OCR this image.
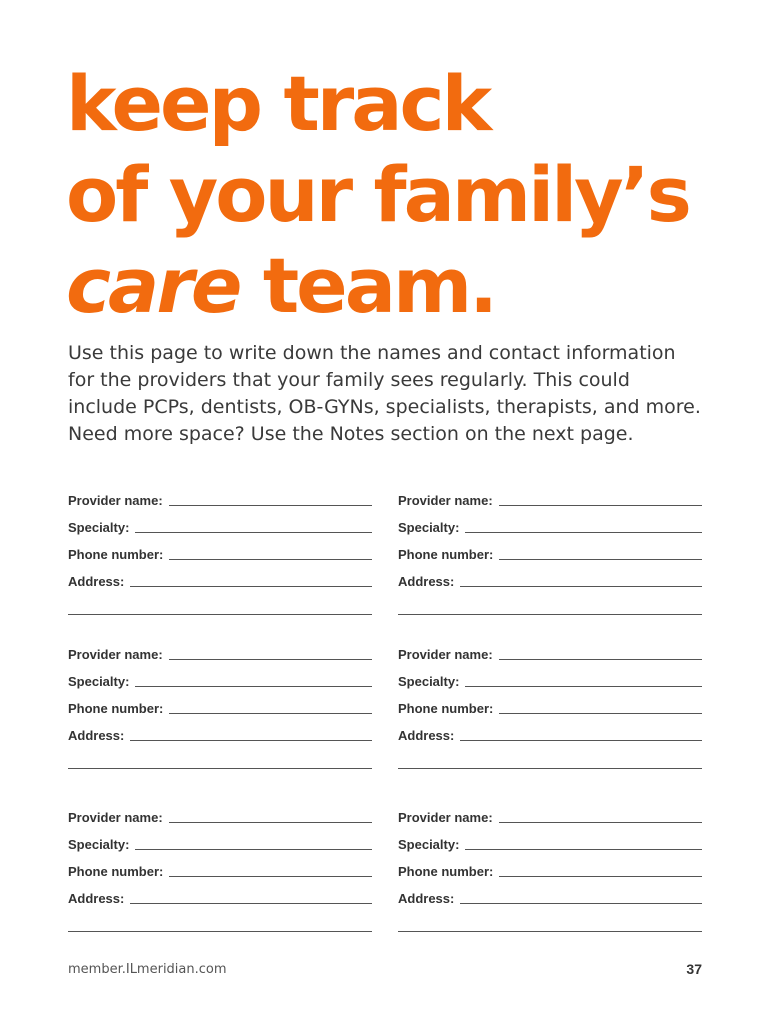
keep track
of your family’s
care team.

Use this page to write down the names and contact information
for the providers that your family sees regularly. This could
include PCPs, dentists, OB-GYNs, specialists, therapists, and more.
Need more space? Use the Notes section on the next page.

Provider name:
Specialty:
Phone number:
Address:
Provider name:
Specialty:
Phone number:
Address:
Provider name:
Specialty:
Phone number:
Address:
Provider name:
Specialty:
Phone number:
Address:
Provider name:
Specialty:
Phone number:
Address:
Provider name:
Specialty:
Phone number:
Address:
member.ILmeridian.com	37
